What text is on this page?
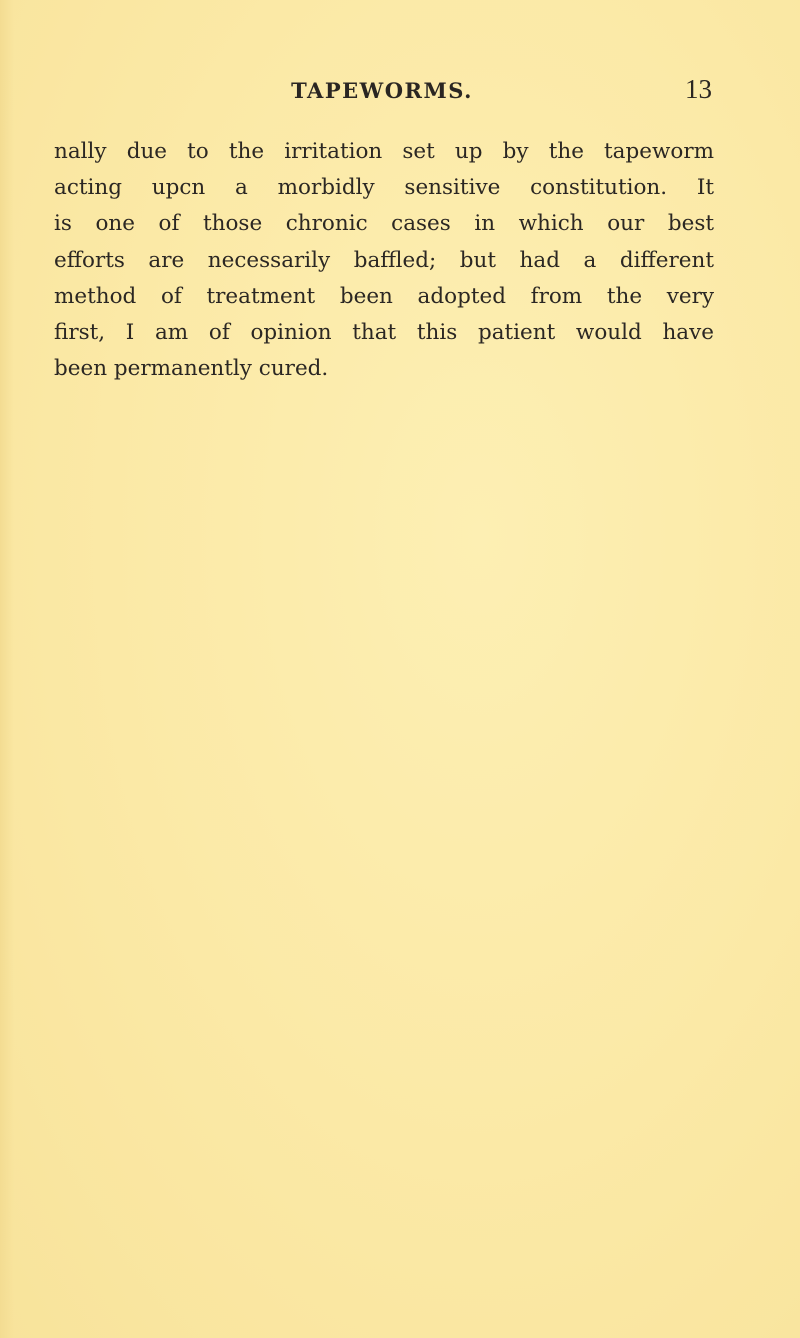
TAPEWORMS.	13
nally due to the irritation set up by the tapeworm
acting upcn a morbidly sensitive constitution. It
is one of those chronic cases in which our best
efforts are necessarily baffled; but had a different
method of treatment been adopted from the very
first, I am of opinion that this patient would have
been permanently cured.
